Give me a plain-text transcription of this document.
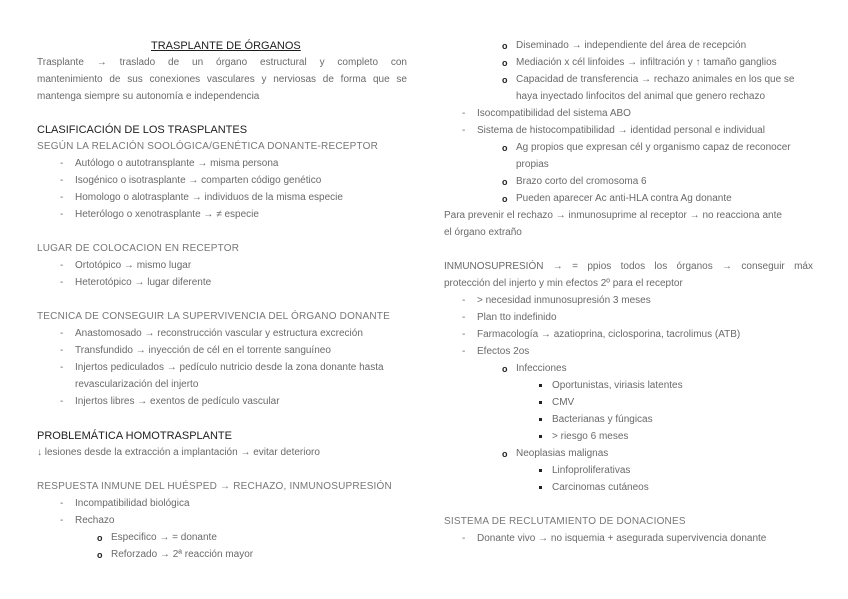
TRASPLANTE DE ÓRGANOS
Trasplante → traslado de un órgano estructural y completo con
mantenimiento de sus conexiones vasculares y nerviosas de forma que se
mantenga siempre su autonomía e independencia
CLASIFICACIÓN DE LOS TRASPLANTES
SEGÚN LA RELACIÓN SOOLÓGICA/GENÉTICA DONANTE-RECEPTOR
- Autólogo o autotransplante → misma persona
- Isogénico o isotrasplante → comparten código genético
- Homologo o alotrasplante → individuos de la misma especie
- Heterólogo o xenotrasplante → ≠ especie
LUGAR DE COLOCACION EN RECEPTOR
- Ortotópico → mismo lugar
- Heterotópico → lugar diferente
TECNICA DE CONSEGUIR LA SUPERVIVENCIA DEL ÓRGANO DONANTE
- Anastomosado → reconstrucción vascular y estructura excreción
- Transfundido → inyección de cél en el torrente sanguíneo
- Injertos pediculados → pedículo nutricio desde la zona donante hasta
revascularización del injerto
- Injertos libres → exentos de pedículo vascular
PROBLEMÁTICA HOMOTRASPLANTE
↓ lesiones desde la extracción a implantación → evitar deterioro
RESPUESTA INMUNE DEL HUÉSPED → RECHAZO, INMUNOSUPRESIÓN
- Incompatibilidad biológica
- Rechazo
o Especifico → = donante
o Reforzado → 2ª reacción mayor
o Diseminado → independiente del área de recepción
o Mediación x cél linfoides → infiltración y ↑ tamaño ganglios
o Capacidad de transferencia → rechazo animales en los que se
haya inyectado linfocitos del animal que genero rechazo
- Isocompatibilidad del sistema ABO
- Sistema de histocompatibilidad → identidad personal e individual
o Ag propios que expresan cél y organismo capaz de reconocer
propias
o Brazo corto del cromosoma 6
o Pueden aparecer Ac anti-HLA contra Ag donante
Para prevenir el rechazo → inmunosuprime al receptor → no reacciona ante
el órgano extraño
INMUNOSUPRESIÓN → = ppios todos los órganos → conseguir máx
protección del injerto y min efectos 2º para el receptor
- > necesidad inmunosupresión 3 meses
- Plan tto indefinido
- Farmacología → azatioprina, ciclosporina, tacrolimus (ATB)
- Efectos 2os
o Infecciones
Oportunistas, viriasis latentes
CMV
Bacterianas y fúngicas
> riesgo 6 meses
o Neoplasias malignas
Linfoproliferativas
Carcinomas cutáneos
SISTEMA DE RECLUTAMIENTO DE DONACIONES
- Donante vivo → no isquemia + asegurada supervivencia donante
